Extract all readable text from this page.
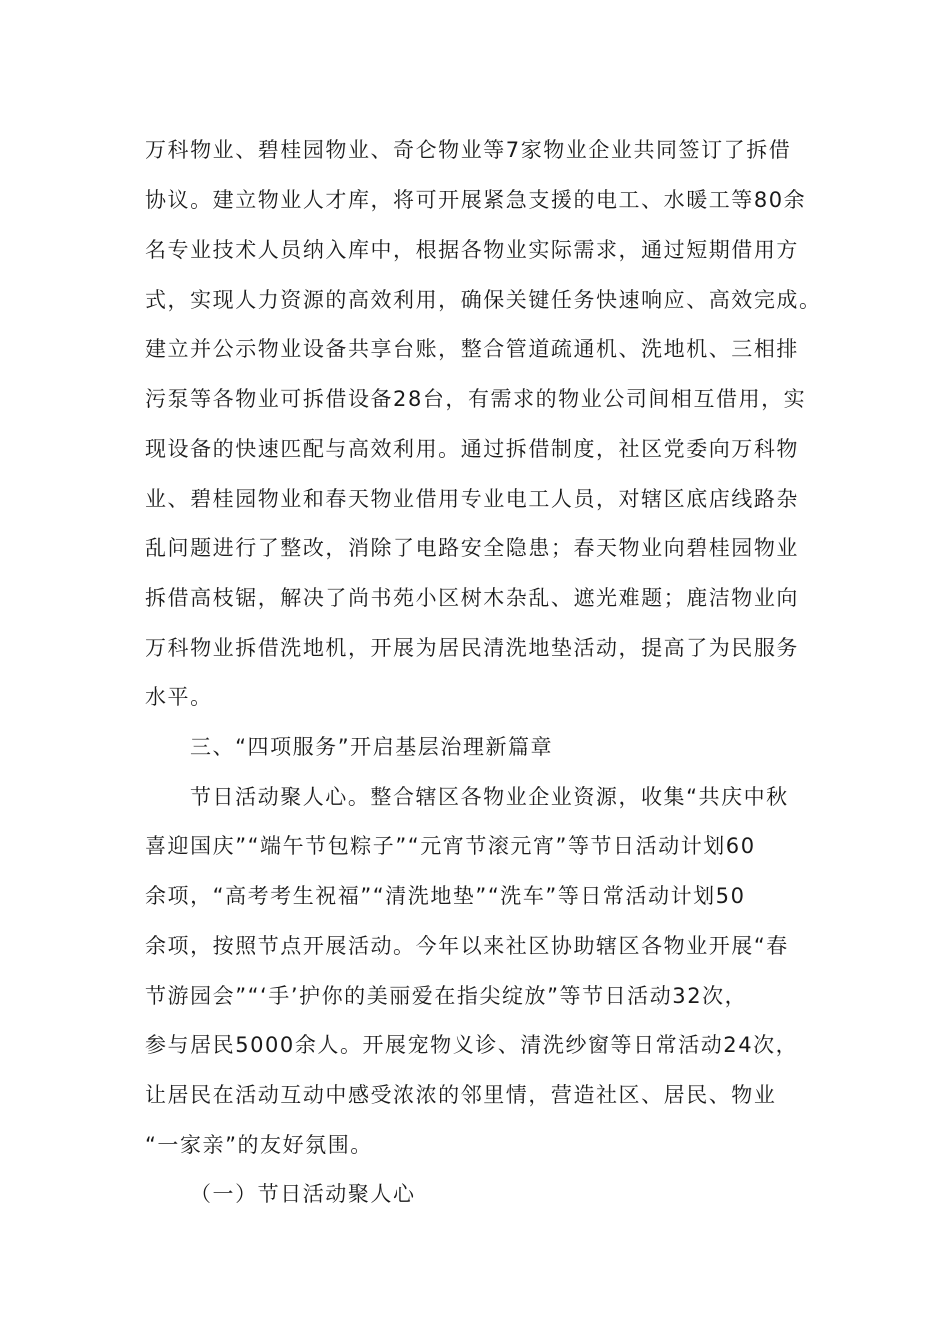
万科物业、碧桂园物业、奇仑物业等7家物业企业共同签订了拆借
协议。建立物业人才库，将可开展紧急支援的电工、水暖工等80余
名专业技术人员纳入库中，根据各物业实际需求，通过短期借用方
式，实现人力资源的高效利用，确保关键任务快速响应、高效完成。
建立并公示物业设备共享台账，整合管道疏通机、洗地机、三相排
污泵等各物业可拆借设备28台，有需求的物业公司间相互借用，实
现设备的快速匹配与高效利用。通过拆借制度，社区党委向万科物
业、碧桂园物业和春天物业借用专业电工人员，对辖区底店线路杂
乱问题进行了整改，消除了电路安全隐患；春天物业向碧桂园物业
拆借高枝锯，解决了尚书苑小区树木杂乱、遮光难题；鹿洁物业向
万科物业拆借洗地机，开展为居民清洗地垫活动，提高了为民服务
水平。
三、“四项服务”开启基层治理新篇章
节日活动聚人心。整合辖区各物业企业资源，收集“共庆中秋
喜迎国庆”“端午节包粽子”“元宵节滚元宵”等节日活动计划60
余项，“高考考生祝福”“清洗地垫”“洗车”等日常活动计划50
余项，按照节点开展活动。今年以来社区协助辖区各物业开展“春
节游园会”“‘手’护你的美丽爱在指尖绽放”等节日活动32次，
参与居民5000余人。开展宠物义诊、清洗纱窗等日常活动24次，
让居民在活动互动中感受浓浓的邻里情，营造社区、居民、物业
“一家亲”的友好氛围。
（一）节日活动聚人心
